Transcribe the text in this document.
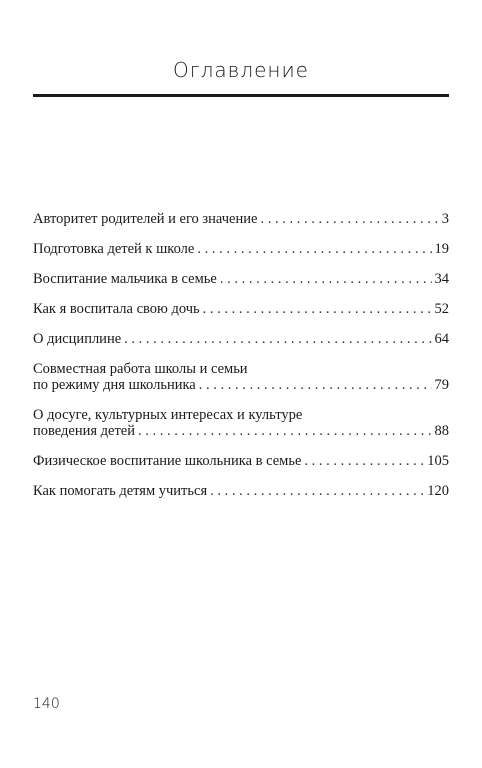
Оглавление
Авторитет родителей и его значение . . .	3
Подготовка детей к школе . . .	19
Воспитание мальчика в семье . . .	34
Как я воспитала свою дочь . . .	52
О дисциплине . . .	64
Совместная работа школы и семьи
по режиму дня школьника . . .	79
О досуге, культурных интересах и культуре
поведения детей . . .	88
Физическое воспитание школьника в семье . . .	105
Как помогать детям учиться . . .	120
140
